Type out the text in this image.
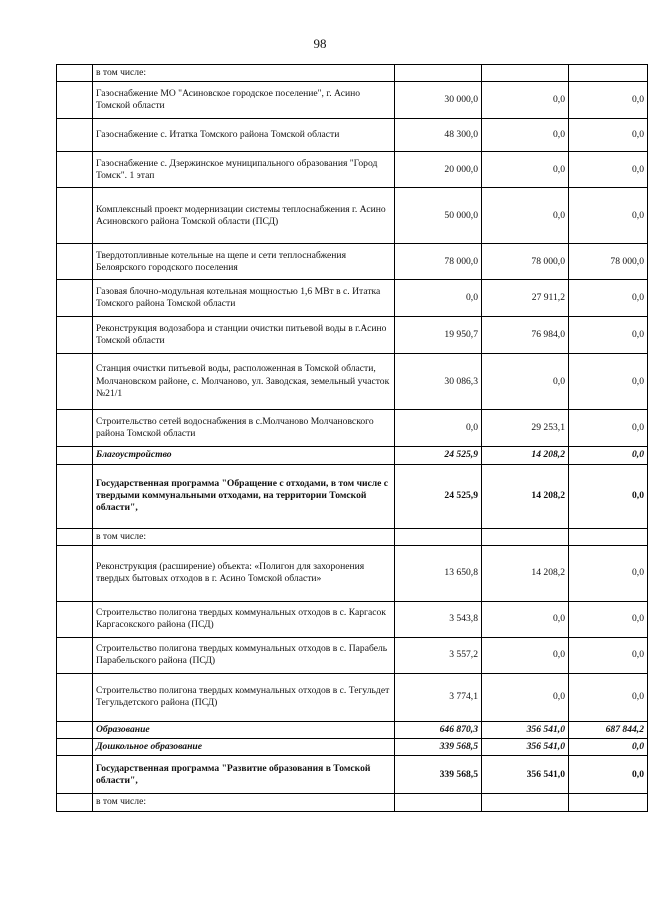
98
	в том числе:			
	Газоснабжение МО "Асиновское городское поселение", г. Асино Томской области	30 000,0	0,0	0,0
	Газоснабжение с. Итатка Томского района Томской области	48 300,0	0,0	0,0
	Газоснабжение с. Дзержинское муниципального образования "Город Томск". 1 этап	20 000,0	0,0	0,0
	Комплексный проект модернизации системы теплоснабжения г. Асино Асиновского района Томской области (ПСД)	50 000,0	0,0	0,0
	Твердотопливные котельные на щепе и сети теплоснабжения Белоярского городского поселения	78 000,0	78 000,0	78 000,0
	Газовая блочно-модульная котельная мощностью 1,6 МВт в с. Итатка Томского района Томской области	0,0	27 911,2	0,0
	Реконструкция водозабора и станции очистки питьевой воды в г.Асино Томской области	19 950,7	76 984,0	0,0
	Станция очистки питьевой воды, расположенная в Томской области, Молчановском районе, с. Молчаново, ул. Заводская, земельный участок №21/1	30 086,3	0,0	0,0
	Строительство сетей водоснабжения в с.Молчаново Молчановского района Томской области	0,0	29 253,1	0,0
	Благоустройство	24 525,9	14 208,2	0,0
	Государственная программа "Обращение с отходами, в том числе с твердыми коммунальными отходами, на территории Томской области",	24 525,9	14 208,2	0,0
	в том числе:			
	Реконструкция (расширение) объекта: «Полигон для захоронения твердых бытовых отходов в г. Асино Томской области»	13 650,8	14 208,2	0,0
	Строительство полигона твердых коммунальных отходов в с. Каргасок Каргасокского района (ПСД)	3 543,8	0,0	0,0
	Строительство полигона твердых коммунальных отходов в с. Парабель Парабельского района (ПСД)	3 557,2	0,0	0,0
	Строительство полигона твердых коммунальных отходов в с. Тегульдет Тегульдетского района (ПСД)	3 774,1	0,0	0,0
	Образование	646 870,3	356 541,0	687 844,2
	Дошкольное образование	339 568,5	356 541,0	0,0
	Государственная программа "Развитие образования в Томской области",	339 568,5	356 541,0	0,0
	в том числе:			
